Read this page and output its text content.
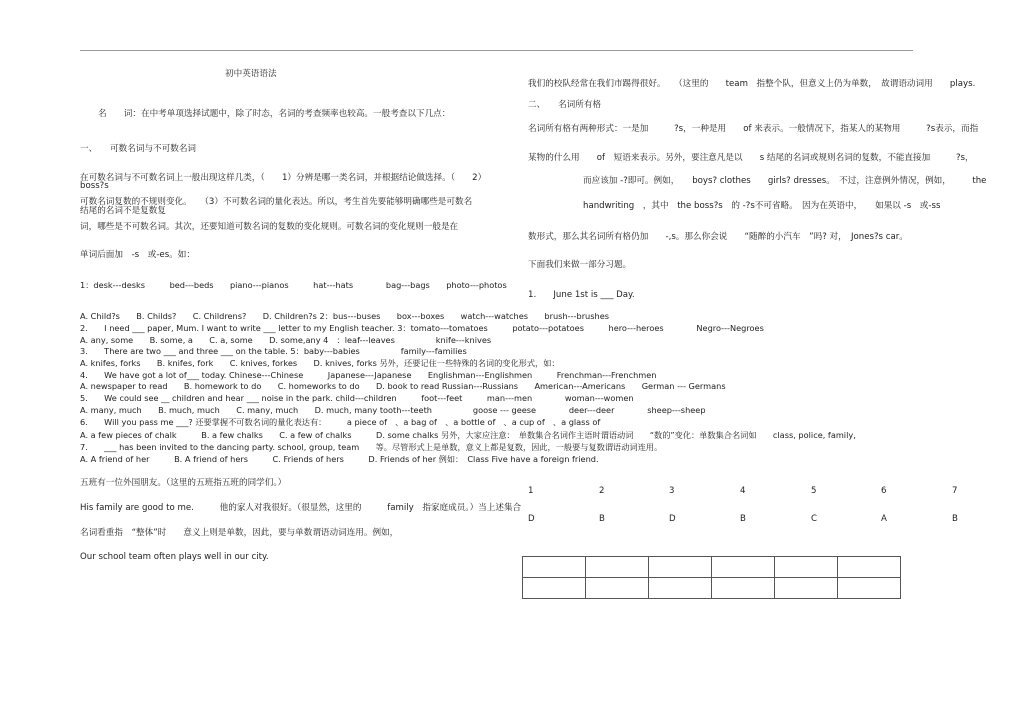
初中英语语法
名　　词：在中考单项选择试题中，除了时态，名词的考查频率也较高。一般考查以下几点：
一、　　可数名词与不可数名词
在可数名词与不可数名词上一般出现这样几类，（　　1）分辨是哪一类名词，并根据结论做选择。（　　2）
boss?s
可数名词复数的不规则变化。　　（3）不可数名词的量化表达。所以，考生首先要能够明确哪些是可数名
结尾的名词不是复数复
词，哪些是不可数名词。其次，还要知道可数名词的复数的变化规则。可数名词的变化规则一般是在
单词后面加　-s　或-es。如：
1：desk---desks　　　bed---beds　　piano---pianos　　　hat---hats　　　　bag---bags　　photo---photos
A. Child?s　　B. Childs?　　C. Childrens?　　D. Children?s 2：bus---buses　　box---boxes　　watch---watches　　brush---brushes
2.　　I need ___ paper, Mum. I want to write ___ letter to my English teacher. 3：tomato---tomatoes　　　potato---potatoes　　　hero---heroes　　　　Negro---Negroes
A. any, some　　B. some, a　　C. a, some　　D. some,any 4　：leaf---leaves　　　　　knife---knives
3.　　There are two ___ and three ___ on the table. 5：baby---babies　　　　　family---families
A. knifes, forks　　B. knifes, fork　　C. knives, forkes　　D. knives, forks 另外，还要记住一些特殊的名词的变化形式，如：
4.　　We have got a lot of___ today. Chinese---Chinese　　　Japanese---Japanese　　Englishman---Englishmen　　　Frenchman---Frenchmen
A. newspaper to read　　B. homework to do　　C. homeworks to do　　D. book to read Russian---Russians　　American---Americans　　German --- Germans
5.　　We could see __ children and hear ___ noise in the park. child---children　　　foot---feet　　　man---men　　　　woman---women
A. many, much　　B. much, much　　C. many, much　　D. much, many tooth---teeth　　　　　goose --- geese　　　　deer---deer　　　　sheep---sheep
6.　　Will you pass me ___? 还要掌握不可数名词的量化表达有：　　　a piece of　、a bag of　、a bottle of　、a cup of　、a glass of
A. a few pieces of chalk　　　B. a few chalks　　C. a few of chalks　　　D. some chalks 另外，大家应注意：　单数集合名词作主语时谓语动词　　“数的”变化：单数集合名词如　　class, police, family,
7.　　___ has been invited to the dancing party. school, group, team　　等。尽管形式上是单数，意义上都是复数，因此，一般要与复数谓语动词连用。
A. A friend of her　　　B. A friend of hers　　　C. Friends of hers　　　D. Friends of her 例如：　Class Five have a foreign friend.
五班有一位外国朋友。（这里的五班指五班的同学们。）
His family are good to me.　　　他的家人对我很好。（很显然，这里的　　　family　指家庭成员。）当上述集合
名词看重指　“整体”时　　意义上则是单数，因此，要与单数谓语动词连用。例如，
Our school team often plays well in our city.
我们的校队经常在我们市踢得很好。　　（这里的　　team　指整个队，但意义上仍为单数，　故谓语动词用　　plays.
二、　　名词所有格
名词所有格有两种形式：一是加　　　?s，一种是用　　of 来表示。一般情况下，指某人的某物用　　　?s表示，而指
某物的什么用　　of　短语来表示。另外，要注意凡是以　　s 结尾的名词或规则名词的复数，不能直接加　　　?s，
而应该加 -?即可。例如，　　boys? clothes　　girls? dresses。　不过，注意例外情况，例如，　　　the
handwriting　，其中　the boss?s　的 -?s不可省略。　因为在英语中，　　如果以 -s　或-ss
数形式，那么其名词所有格仍加　　-,s。那么你会说　　“随醉的小汽车　”吗? 对，　Jones?s car。
下面我们来做一部分习题。
1.　　June 1st is ___ Day.
1	2	3	4	5	6	7
D	B	D	B	C	A	B
